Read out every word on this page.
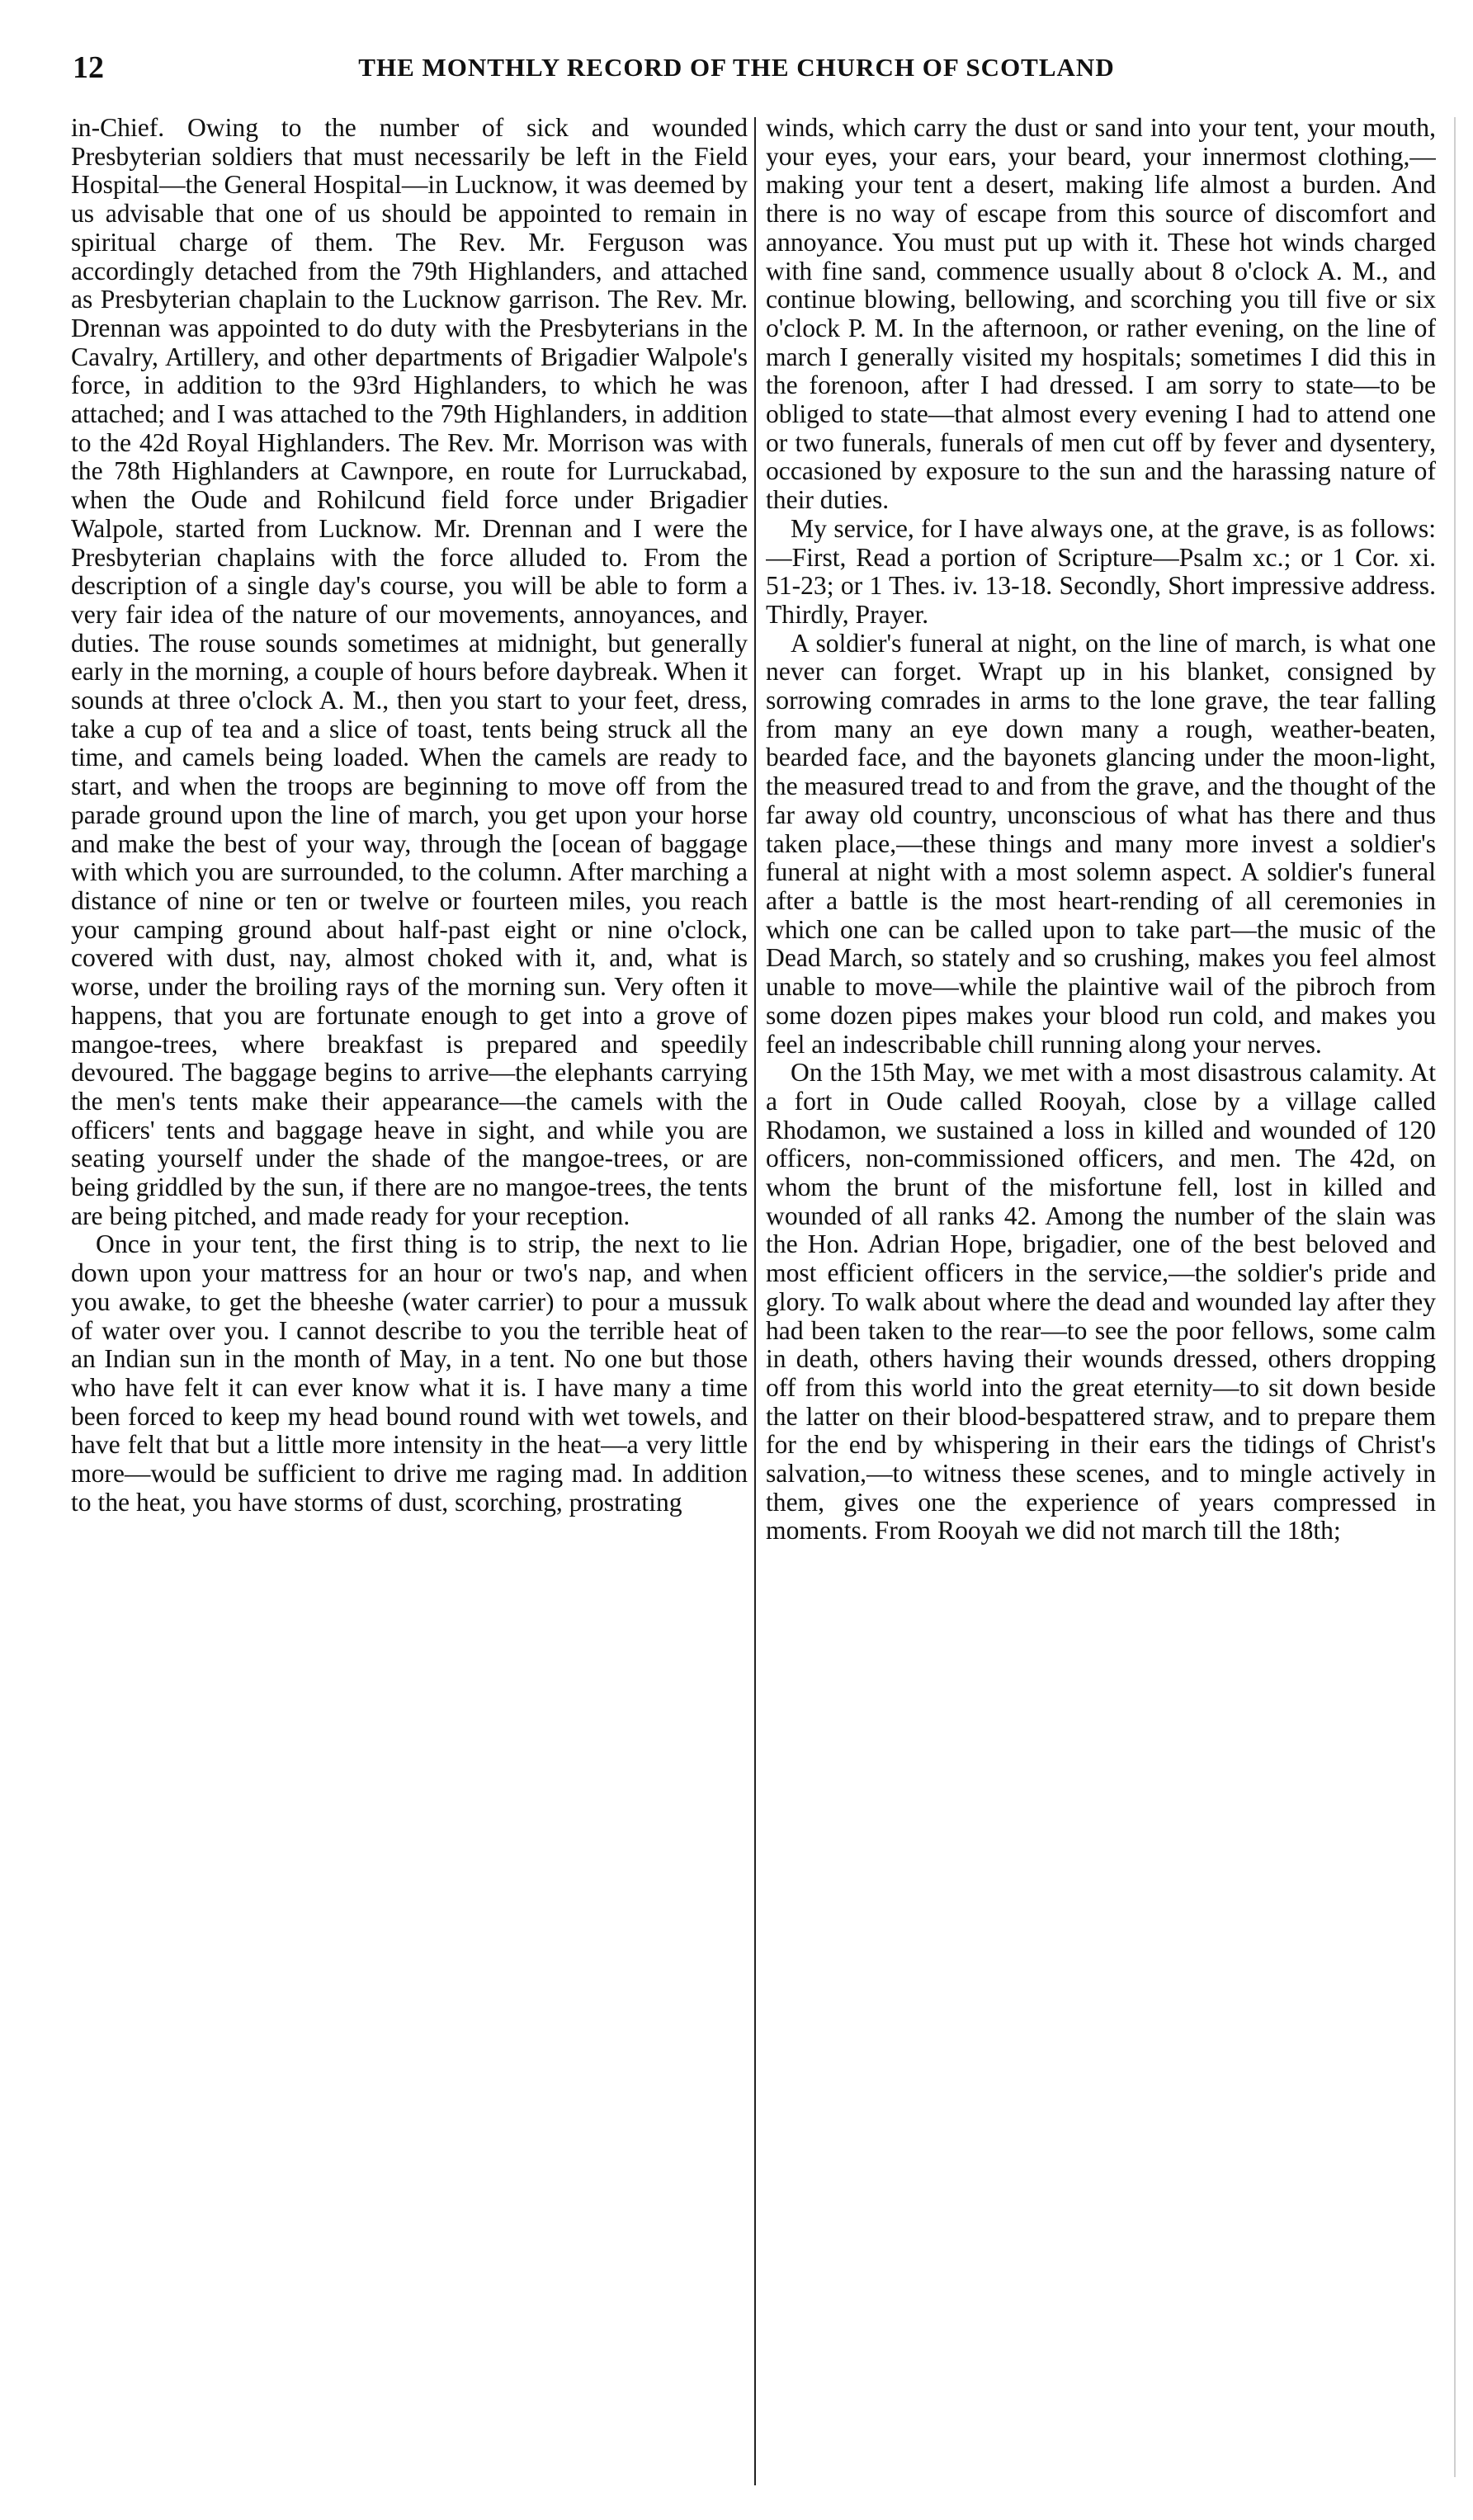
12	THE MONTHLY RECORD OF THE CHURCH OF SCOTLAND

in-Chief. Owing to the number of sick and wounded Presbyterian soldiers that must necessarily be left in the Field Hospital—the General Hospital—in Lucknow, it was deemed by us advisable that one of us should be appointed to remain in spiritual charge of them. The Rev. Mr. Ferguson was accordingly detached from the 79th Highlanders, and attached as Presbyterian chaplain to the Lucknow garrison. The Rev. Mr. Drennan was appointed to do duty with the Presbyterians in the Cavalry, Artillery, and other departments of Brigadier Walpole's force, in addition to the 93rd Highlanders, to which he was attached; and I was attached to the 79th Highlanders, in addition to the 42d Royal Highlanders. The Rev. Mr. Morrison was with the 78th Highlanders at Cawnpore, en route for Lurruckabad, when the Oude and Rohilcund field force under Brigadier Walpole, started from Lucknow. Mr. Drennan and I were the Presbyterian chaplains with the force alluded to. From the description of a single day's course, you will be able to form a very fair idea of the nature of our movements, annoyances, and duties. The rouse sounds sometimes at midnight, but generally early in the morning, a couple of hours before daybreak. When it sounds at three o'clock A. M., then you start to your feet, dress, take a cup of tea and a slice of toast, tents being struck all the time, and camels being loaded. When the camels are ready to start, and when the troops are beginning to move off from the parade ground upon the line of march, you get upon your horse and make the best of your way, through the [ocean of baggage with which you are surrounded, to the column. After marching a distance of nine or ten or twelve or fourteen miles, you reach your camping ground about half-past eight or nine o'clock, covered with dust, nay, almost choked with it, and, what is worse, under the broiling rays of the morning sun. Very often it happens, that you are fortunate enough to get into a grove of mangoe-trees, where breakfast is prepared and speedily devoured. The baggage begins to arrive—the elephants carrying the men's tents make their appearance—the camels with the officers' tents and baggage heave in sight, and while you are seating yourself under the shade of the mangoe-trees, or are being griddled by the sun, if there are no mangoe-trees, the tents are being pitched, and made ready for your reception.

Once in your tent, the first thing is to strip, the next to lie down upon your mattress for an hour or two's nap, and when you awake, to get the bheeshe (water carrier) to pour a mussuk of water over you. I cannot describe to you the terrible heat of an Indian sun in the month of May, in a tent. No one but those who have felt it can ever know what it is. I have many a time been forced to keep my head bound round with wet towels, and have felt that but a little more intensity in the heat—a very little more—would be sufficient to drive me raging mad. In addition to the heat, you have storms of dust, scorching, prostrating

winds, which carry the dust or sand into your tent, your mouth, your eyes, your ears, your beard, your innermost clothing,—making your tent a desert, making life almost a burden. And there is no way of escape from this source of discomfort and annoyance. You must put up with it. These hot winds charged with fine sand, commence usually about 8 o'clock A. M., and continue blowing, bellowing, and scorching you till five or six o'clock P. M. In the afternoon, or rather evening, on the line of march I generally visited my hospitals; sometimes I did this in the forenoon, after I had dressed. I am sorry to state—to be obliged to state—that almost every evening I had to attend one or two funerals, funerals of men cut off by fever and dysentery, occasioned by exposure to the sun and the harassing nature of their duties.

My service, for I have always one, at the grave, is as follows:—First, Read a portion of Scripture—Psalm xc.; or 1 Cor. xi. 51-23; or 1 Thes. iv. 13-18. Secondly, Short impressive address. Thirdly, Prayer.

A soldier's funeral at night, on the line of march, is what one never can forget. Wrapt up in his blanket, consigned by sorrowing comrades in arms to the lone grave, the tear falling from many an eye down many a rough, weather-beaten, bearded face, and the bayonets glancing under the moon-light, the measured tread to and from the grave, and the thought of the far away old country, unconscious of what has there and thus taken place,—these things and many more invest a soldier's funeral at night with a most solemn aspect. A soldier's funeral after a battle is the most heart-rending of all ceremonies in which one can be called upon to take part—the music of the Dead March, so stately and so crushing, makes you feel almost unable to move—while the plaintive wail of the pibroch from some dozen pipes makes your blood run cold, and makes you feel an indescribable chill running along your nerves.

On the 15th May, we met with a most disastrous calamity. At a fort in Oude called Rooyah, close by a village called Rhodamon, we sustained a loss in killed and wounded of 120 officers, non-commissioned officers, and men. The 42d, on whom the brunt of the misfortune fell, lost in killed and wounded of all ranks 42. Among the number of the slain was the Hon. Adrian Hope, brigadier, one of the best beloved and most efficient officers in the service,—the soldier's pride and glory. To walk about where the dead and wounded lay after they had been taken to the rear—to see the poor fellows, some calm in death, others having their wounds dressed, others dropping off from this world into the great eternity—to sit down beside the latter on their blood-bespattered straw, and to prepare them for the end by whispering in their ears the tidings of Christ's salvation,—to witness these scenes, and to mingle actively in them, gives one the experience of years compressed in moments. From Rooyah we did not march till the 18th;
